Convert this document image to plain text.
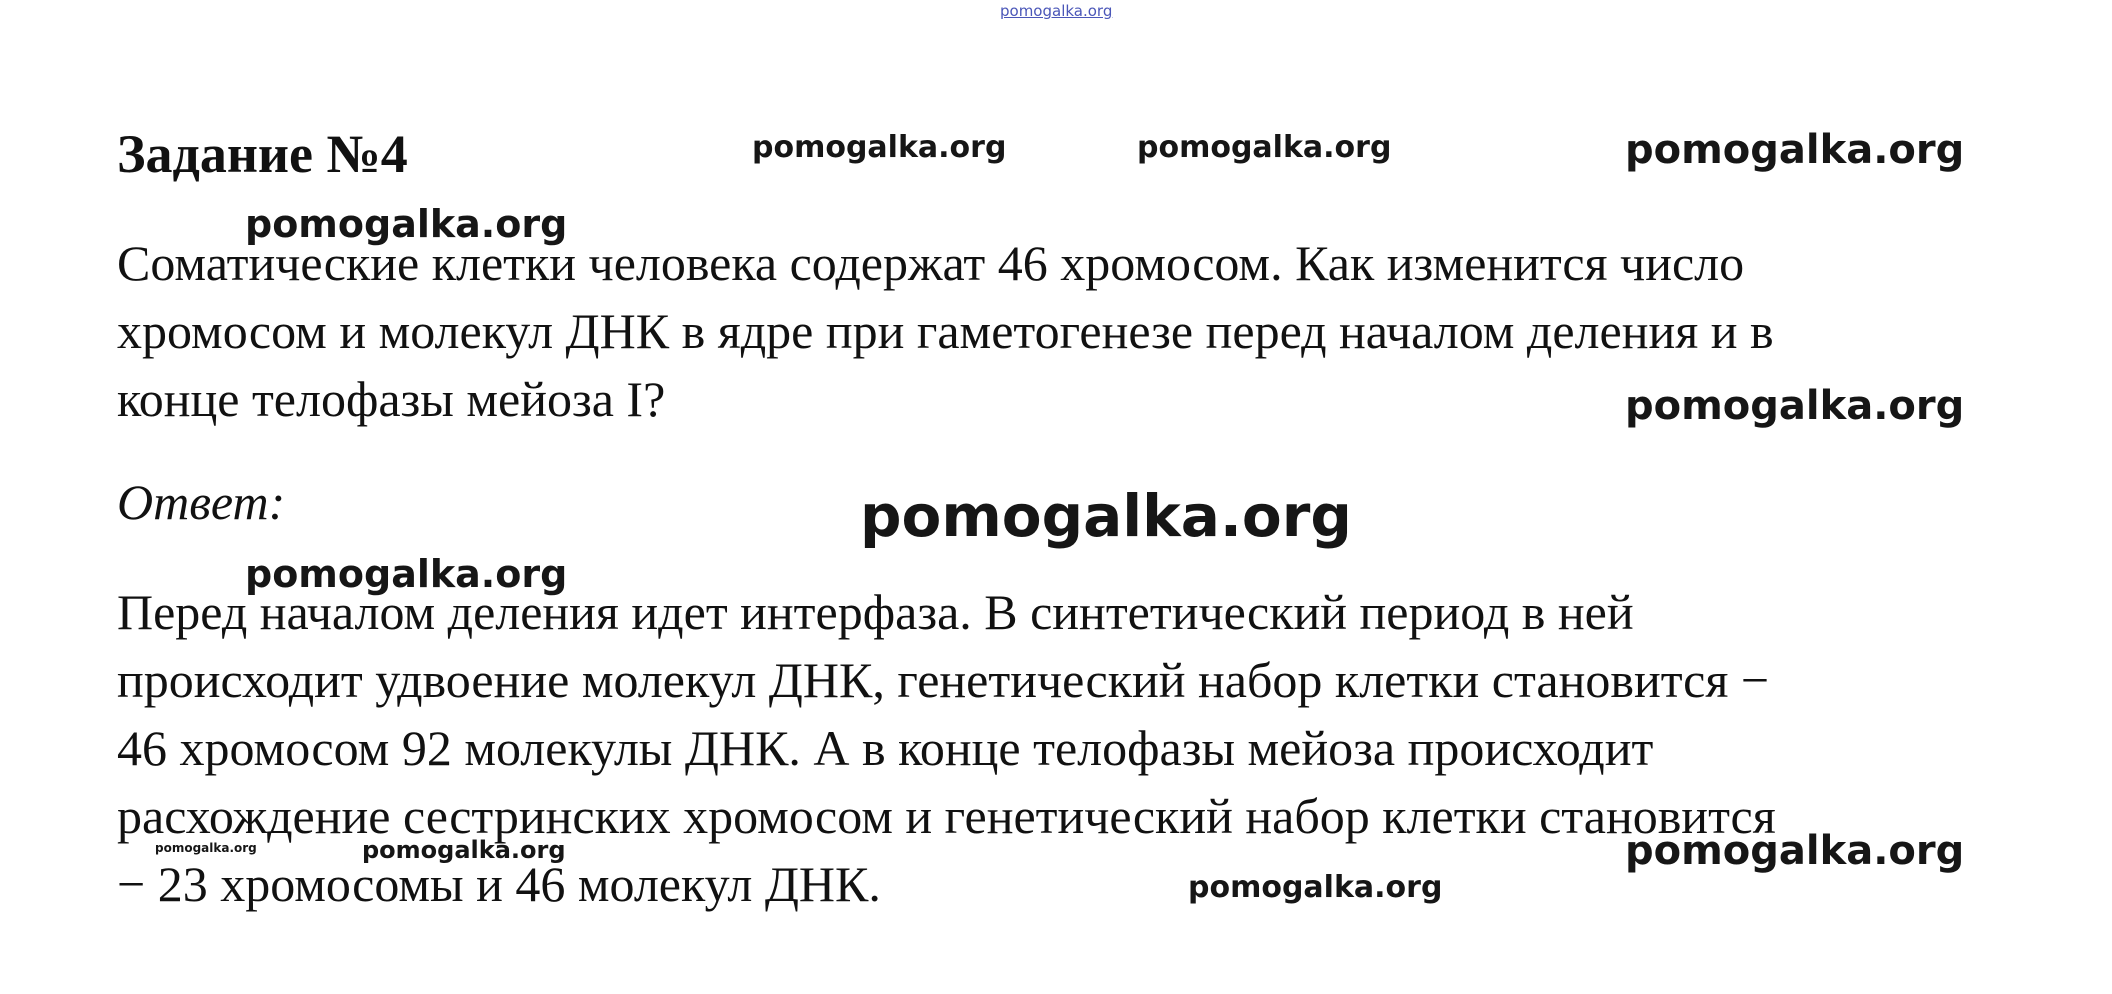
Задание №4
Соматические клетки человека содержат 46 хромосом. Как изменится число
хромосом и молекул ДНК в ядре при гаметогенезе перед началом деления и в
конце телофазы мейоза I?
Ответ:
Перед началом деления идет интерфаза. В синтетический период в ней
происходит удвоение молекул ДНК, генетический набор клетки становится −
46 хромосом 92 молекулы ДНК. А в конце телофазы мейоза происходит
расхождение сестринских хромосом и генетический набор клетки становится
− 23 хромосомы и 46 молекул ДНК.
pomogalka.org
pomogalka.org	pomogalka.org	pomogalka.org
pomogalka.org
pomogalka.org
pomogalka.org
pomogalka.org
pomogalka.org	pomogalka.org	pomogalka.org
pomogalka.org
